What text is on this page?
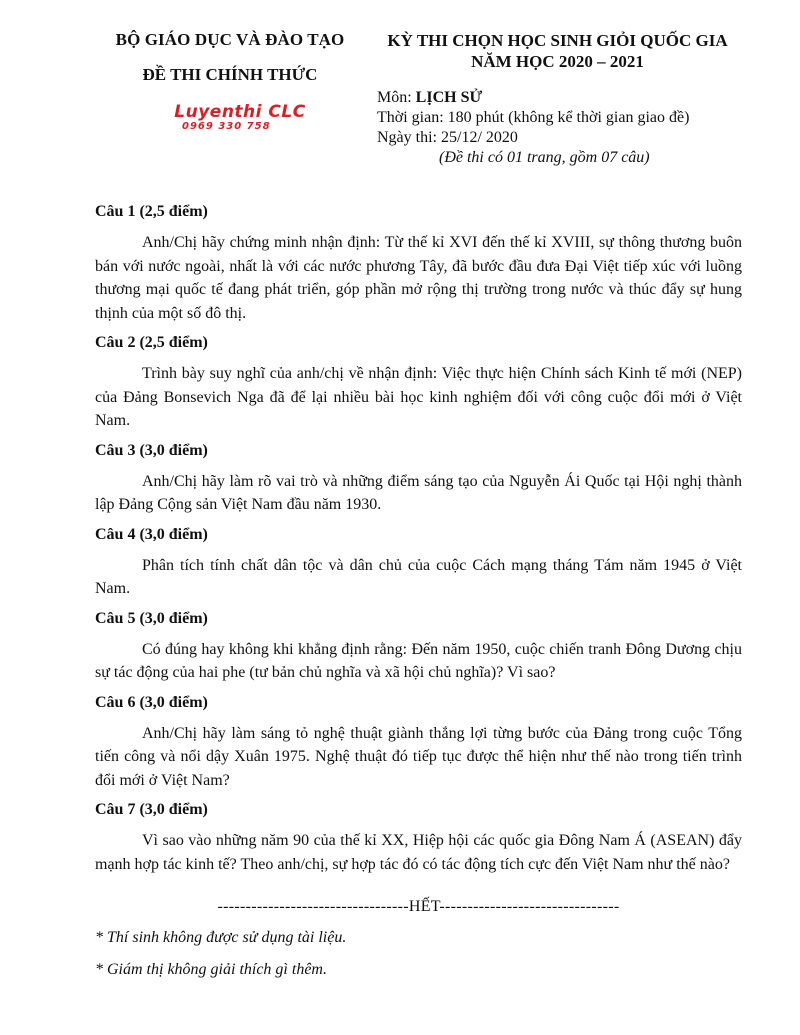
BỘ GIÁO DỤC VÀ ĐÀO TẠO
ĐỀ THI CHÍNH THỨC
Luyenthi CLC
0969 330 758
KỲ THI CHỌN HỌC SINH GIỎI QUỐC GIA
NĂM HỌC 2020 – 2021
Môn: LỊCH SỬ
Thời gian: 180 phút (không kể thời gian giao đề)
Ngày thi: 25/12/ 2020
(Đề thi có 01 trang, gồm 07 câu)

Câu 1 (2,5 điểm)

Anh/Chị hãy chứng minh nhận định: Từ thế kỉ XVI đến thế kỉ XVIII, sự thông thương buôn bán với nước ngoài, nhất là với các nước phương Tây, đã bước đầu đưa Đại Việt tiếp xúc với luồng thương mại quốc tế đang phát triển, góp phần mở rộng thị trường trong nước và thúc đẩy sự hung thịnh của một số đô thị.

Câu 2 (2,5 điểm)

Trình bày suy nghĩ của anh/chị về nhận định: Việc thực hiện Chính sách Kinh tế mới (NEP) của Đảng Bonsevich Nga đã để lại nhiều bài học kinh nghiệm đối với công cuộc đổi mới ở Việt Nam.

Câu 3 (3,0 điểm)

Anh/Chị hãy làm rõ vai trò và những điểm sáng tạo của Nguyễn Ái Quốc tại Hội nghị thành lập Đảng Cộng sản Việt Nam đầu năm 1930.

Câu 4 (3,0 điểm)

Phân tích tính chất dân tộc và dân chủ của cuộc Cách mạng tháng Tám năm 1945 ở Việt Nam.

Câu 5 (3,0 điểm)

Có đúng hay không khi khẳng định rằng: Đến năm 1950, cuộc chiến tranh Đông Dương chịu sự tác động của hai phe (tư bản chủ nghĩa và xã hội chủ nghĩa)? Vì sao?

Câu 6 (3,0 điểm)

Anh/Chị hãy làm sáng tỏ nghệ thuật giành thắng lợi từng bước của Đảng trong cuộc Tổng tiến công và nổi dậy Xuân 1975. Nghệ thuật đó tiếp tục được thể hiện như thế nào trong tiến trình đổi mới ở Việt Nam?

Câu 7 (3,0 điểm)

Vì sao vào những năm 90 của thế kỉ XX, Hiệp hội các quốc gia Đông Nam Á (ASEAN) đẩy mạnh hợp tác kinh tế? Theo anh/chị, sự hợp tác đó có tác động tích cực đến Việt Nam như thế nào?

----------------------------------HẾT--------------------------------
* Thí sinh không được sử dụng tài liệu.
* Giám thị không giải thích gì thêm.
